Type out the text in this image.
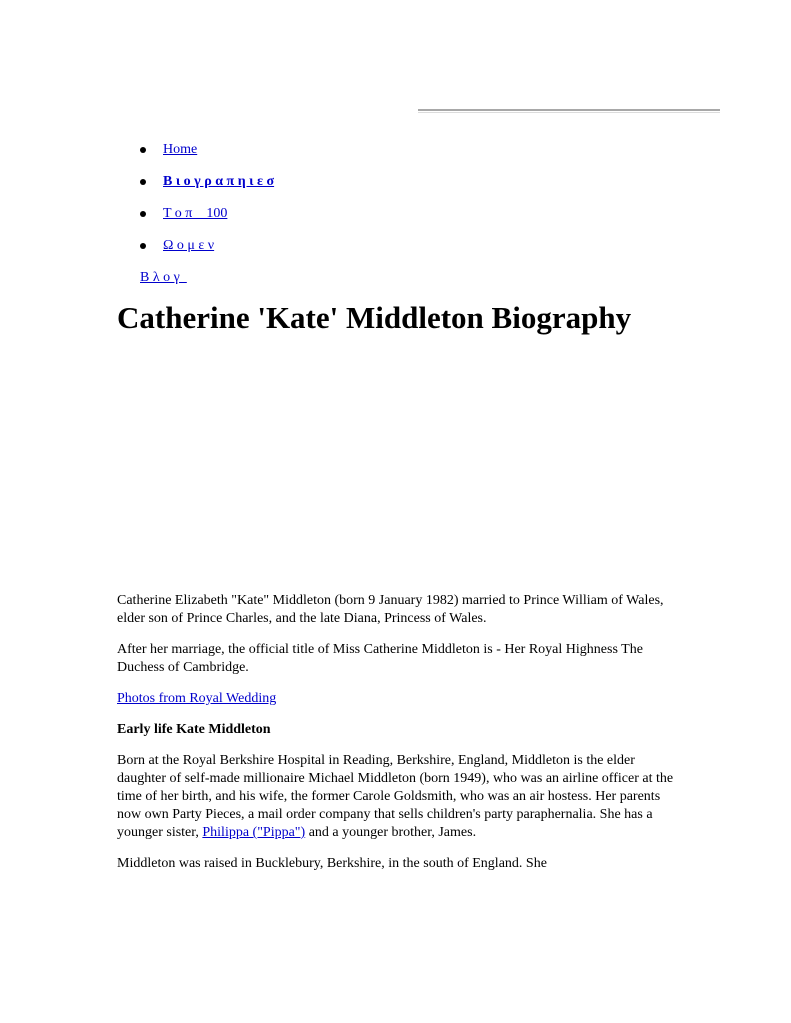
Home
Β ι ο γ ρ α π η ι ε σ
Τ ο π    100
Ω ο μ ε ν
Β λ ο γ
Catherine 'Kate' Middleton Biography

Catherine Elizabeth "Kate" Middleton (born 9 January 1982) married to Prince William of Wales, elder son of Prince Charles, and the late Diana, Princess of Wales.

After her marriage, the official title of Miss Catherine Middleton is - Her Royal Highness The Duchess of Cambridge.

Photos from Royal Wedding

Early life Kate Middleton

Born at the Royal Berkshire Hospital in Reading, Berkshire, England, Middleton is the elder daughter of self-made millionaire Michael Middleton (born 1949), who was an airline officer at the time of her birth, and his wife, the former Carole Goldsmith, who was an air hostess. Her parents now own Party Pieces, a mail order company that sells children's party paraphernalia. She has a younger sister, Philippa ("Pippa") and a younger brother, James.

Middleton was raised in Bucklebury, Berkshire, in the south of England. She
